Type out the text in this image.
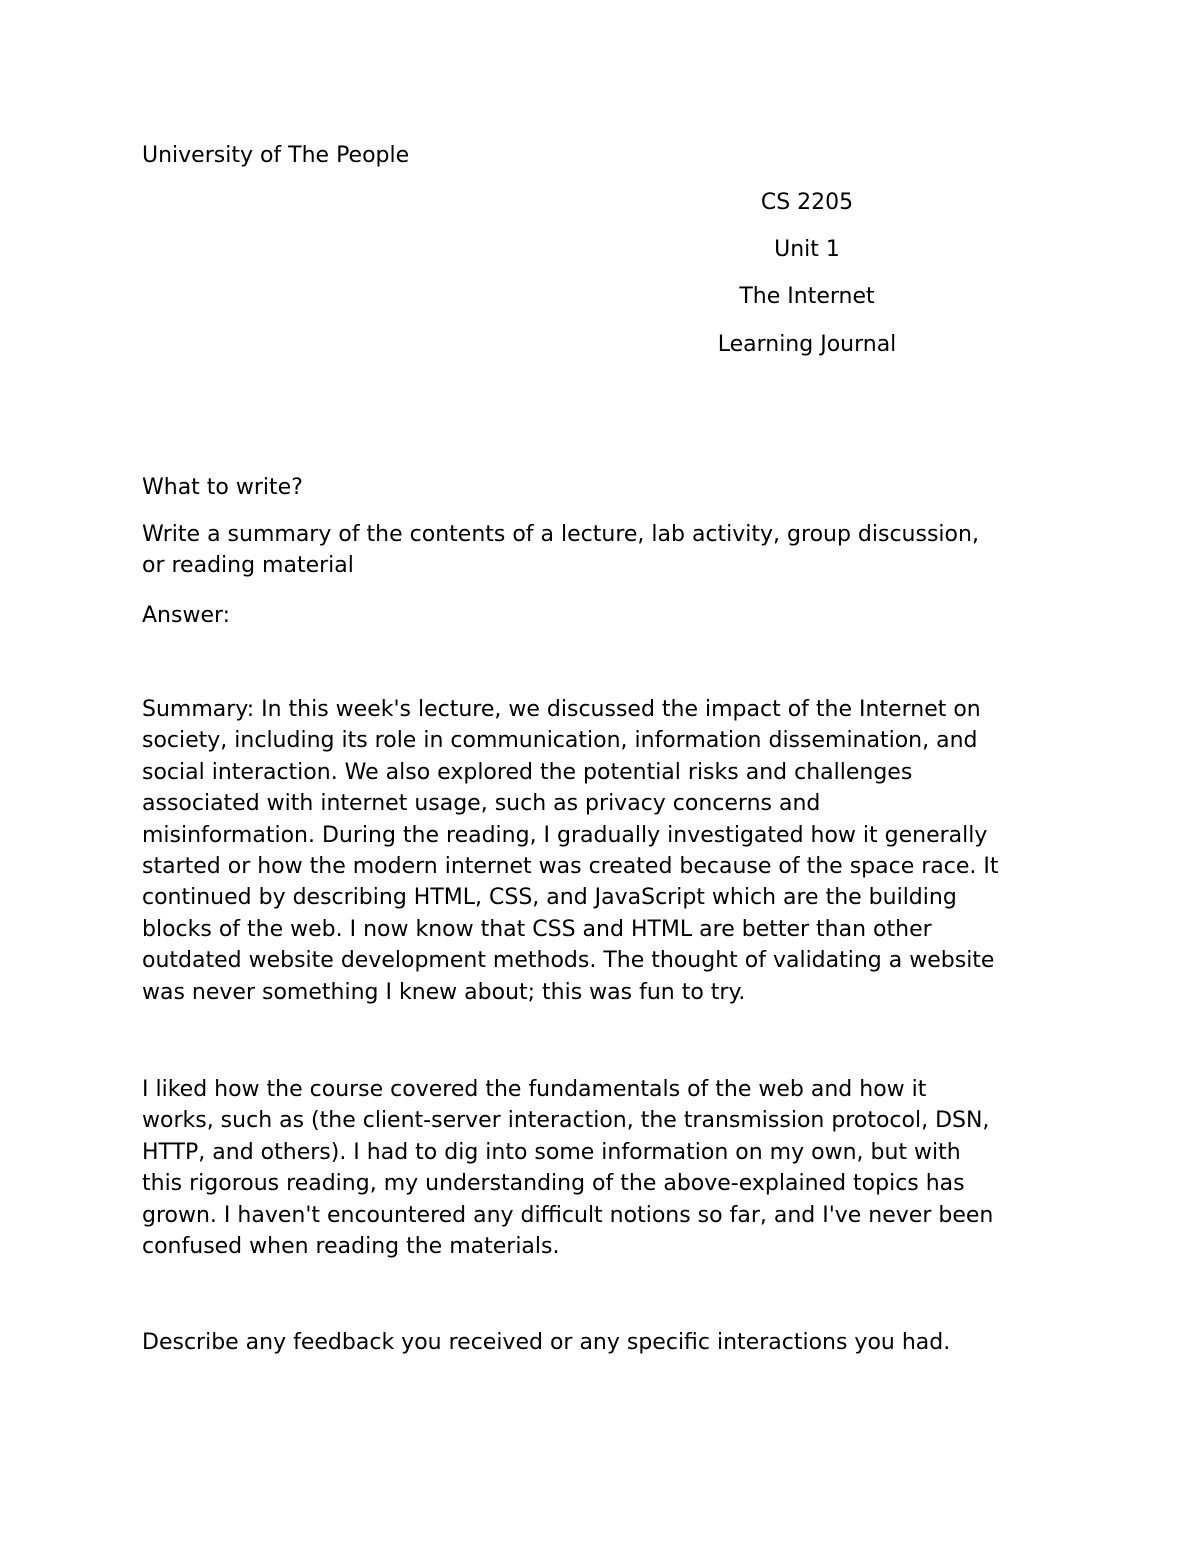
University of The People

CS 2205

Unit 1

The Internet

Learning Journal

What to write?

Write a summary of the contents of a lecture, lab activity, group discussion,
or reading material

Answer:

Summary: In this week's lecture, we discussed the impact of the Internet on
society, including its role in communication, information dissemination, and
social interaction. We also explored the potential risks and challenges
associated with internet usage, such as privacy concerns and
misinformation. During the reading, I gradually investigated how it generally
started or how the modern internet was created because of the space race. It
continued by describing HTML, CSS, and JavaScript which are the building
blocks of the web. I now know that CSS and HTML are better than other
outdated website development methods. The thought of validating a website
was never something I knew about; this was fun to try.
I liked how the course covered the fundamentals of the web and how it
works, such as (the client-server interaction, the transmission protocol, DSN,
HTTP, and others). I had to dig into some information on my own, but with
this rigorous reading, my understanding of the above-explained topics has
grown. I haven't encountered any difficult notions so far, and I've never been
confused when reading the materials.

Describe any feedback you received or any specific interactions you had.
